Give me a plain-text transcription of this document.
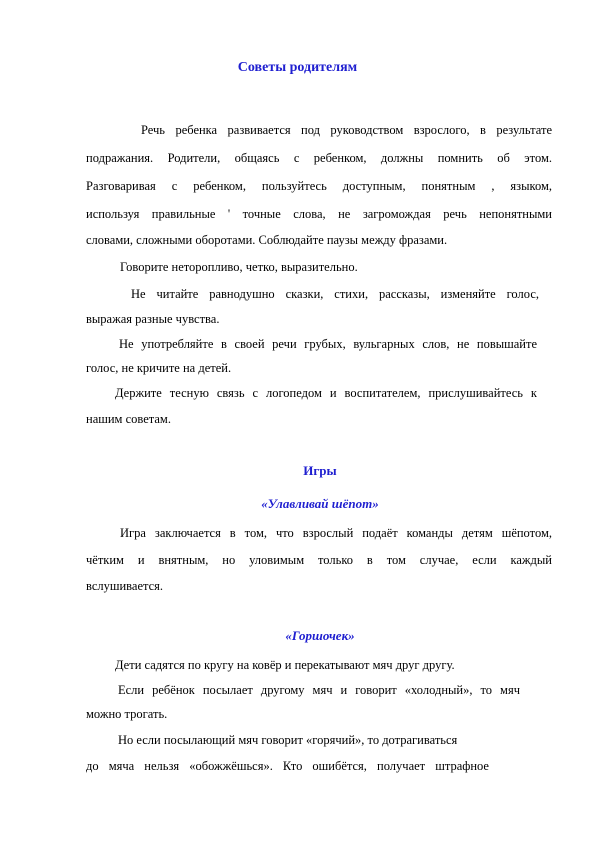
Советы родителям
Речь ребенка развивается под руководством взрослого, в результате
подражания. Родители, общаясь с ребенком, должны помнить об этом.
Разговаривая с ребенком, пользуйтесь доступным, понятным , языком,
используя правильные ' точные слова, не загромождая речь непонятными
словами, сложными оборотами. Соблюдайте паузы между фразами.
Говорите неторопливо, четко, выразительно.
Не читайте равнодушно сказки, стихи, рассказы, изменяйте голос,
выражая разные чувства.
Не употребляйте в своей речи грубых, вульгарных слов, не повышайте
голос, не кричите на детей.
Держите тесную связь с логопедом и воспитателем, прислушивайтесь к
нашим советам.
Игры
«Улавливай шёпот»
Игра заключается в том, что взрослый подаёт команды детям шёпотом,
чётким и внятным, но уловимым только в том случае, если каждый
вслушивается.
«Горшочек»
Дети садятся по кругу на ковёр и перекатывают мяч друг другу.
Если ребёнок посылает другому мяч и говорит «холодный», то мяч
можно трогать.
Но если посылающий мяч говорит «горячий», то дотрагиваться
до мяча нельзя «обожжёшься». Кто ошибётся, получает штрафное
